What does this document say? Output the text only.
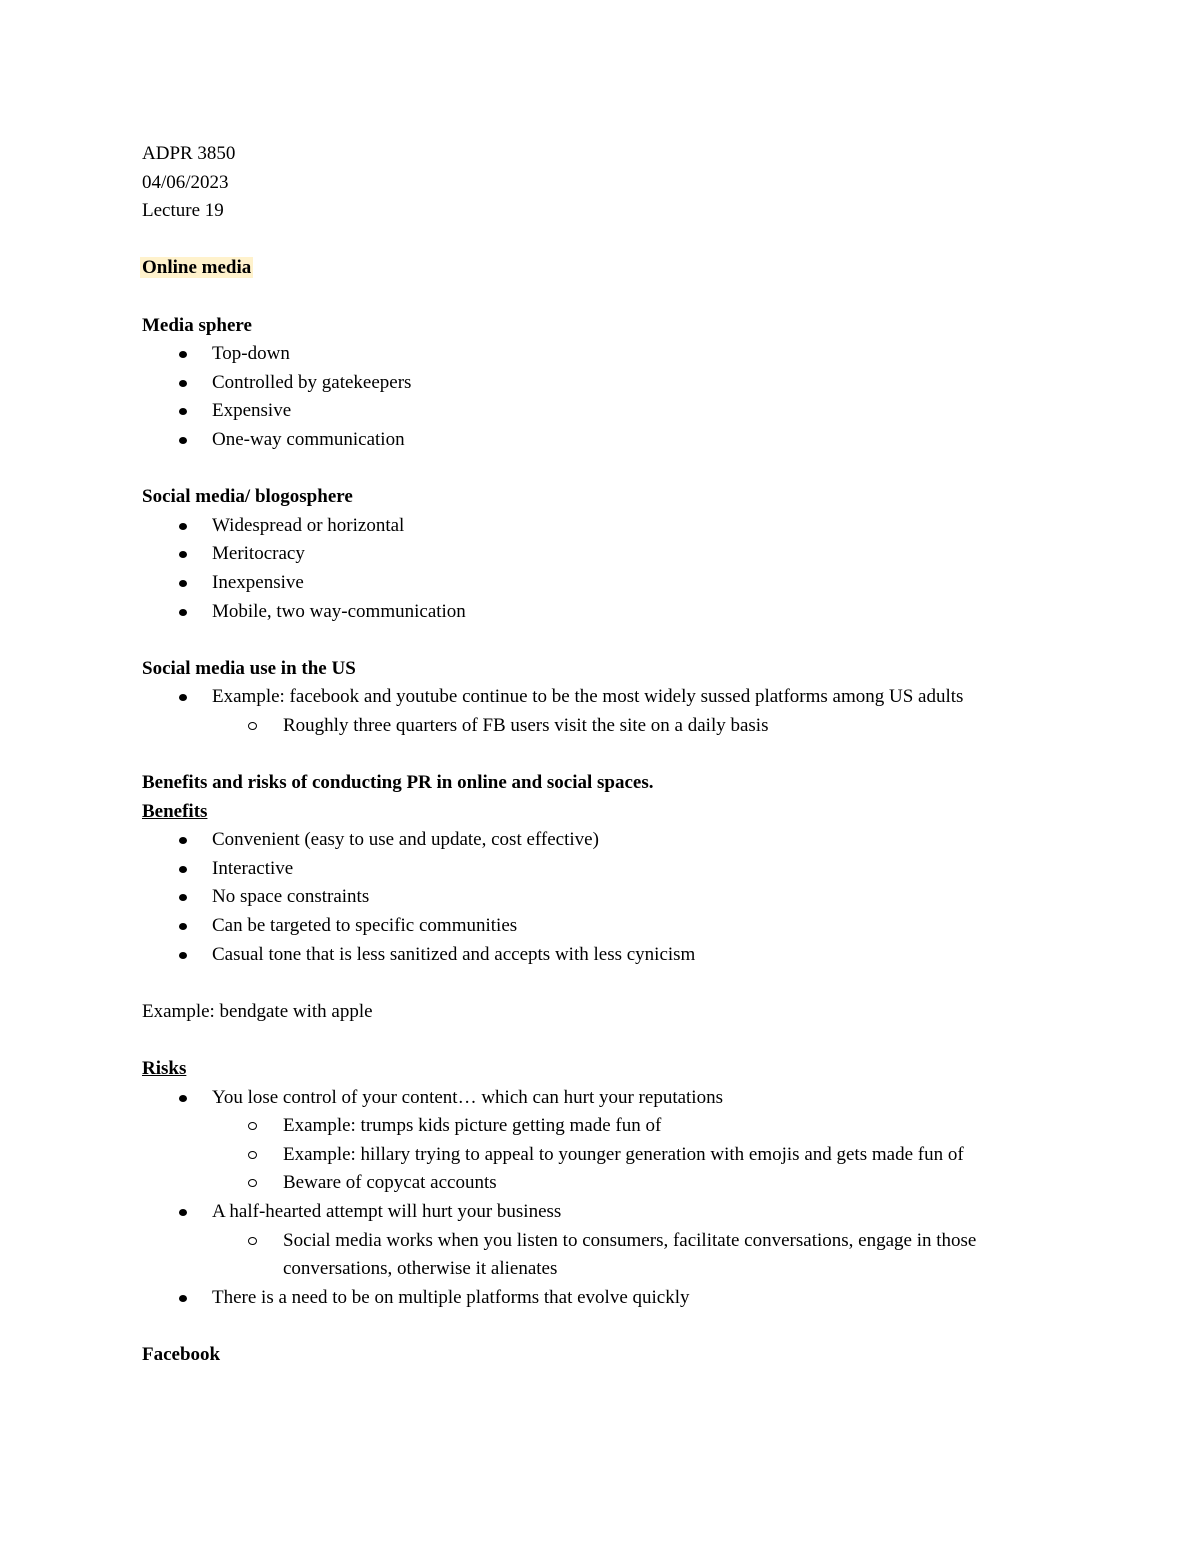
ADPR 3850
04/06/2023
Lecture 19
Online media
Media sphere
Top-down
Controlled by gatekeepers
Expensive
One-way communication
Social media/ blogosphere
Widespread or horizontal
Meritocracy
Inexpensive
Mobile, two way-communication
Social media use in the US
Example: facebook and youtube continue to be the most widely sussed platforms among US adults
Roughly three quarters of FB users visit the site on a daily basis
Benefits and risks of conducting PR in online and social spaces.
Benefits
Convenient (easy to use and update, cost effective)
Interactive
No space constraints
Can be targeted to specific communities
Casual tone that is less sanitized and accepts with less cynicism
Example: bendgate with apple
Risks
You lose control of your content… which can hurt your reputations
Example: trumps kids picture getting made fun of
Example: hillary trying to appeal to younger generation with emojis and gets made fun of
Beware of copycat accounts
A half-hearted attempt will hurt your business
Social media works when you listen to consumers, facilitate conversations, engage in those conversations, otherwise it alienates
There is a need to be on multiple platforms that evolve quickly
Facebook
